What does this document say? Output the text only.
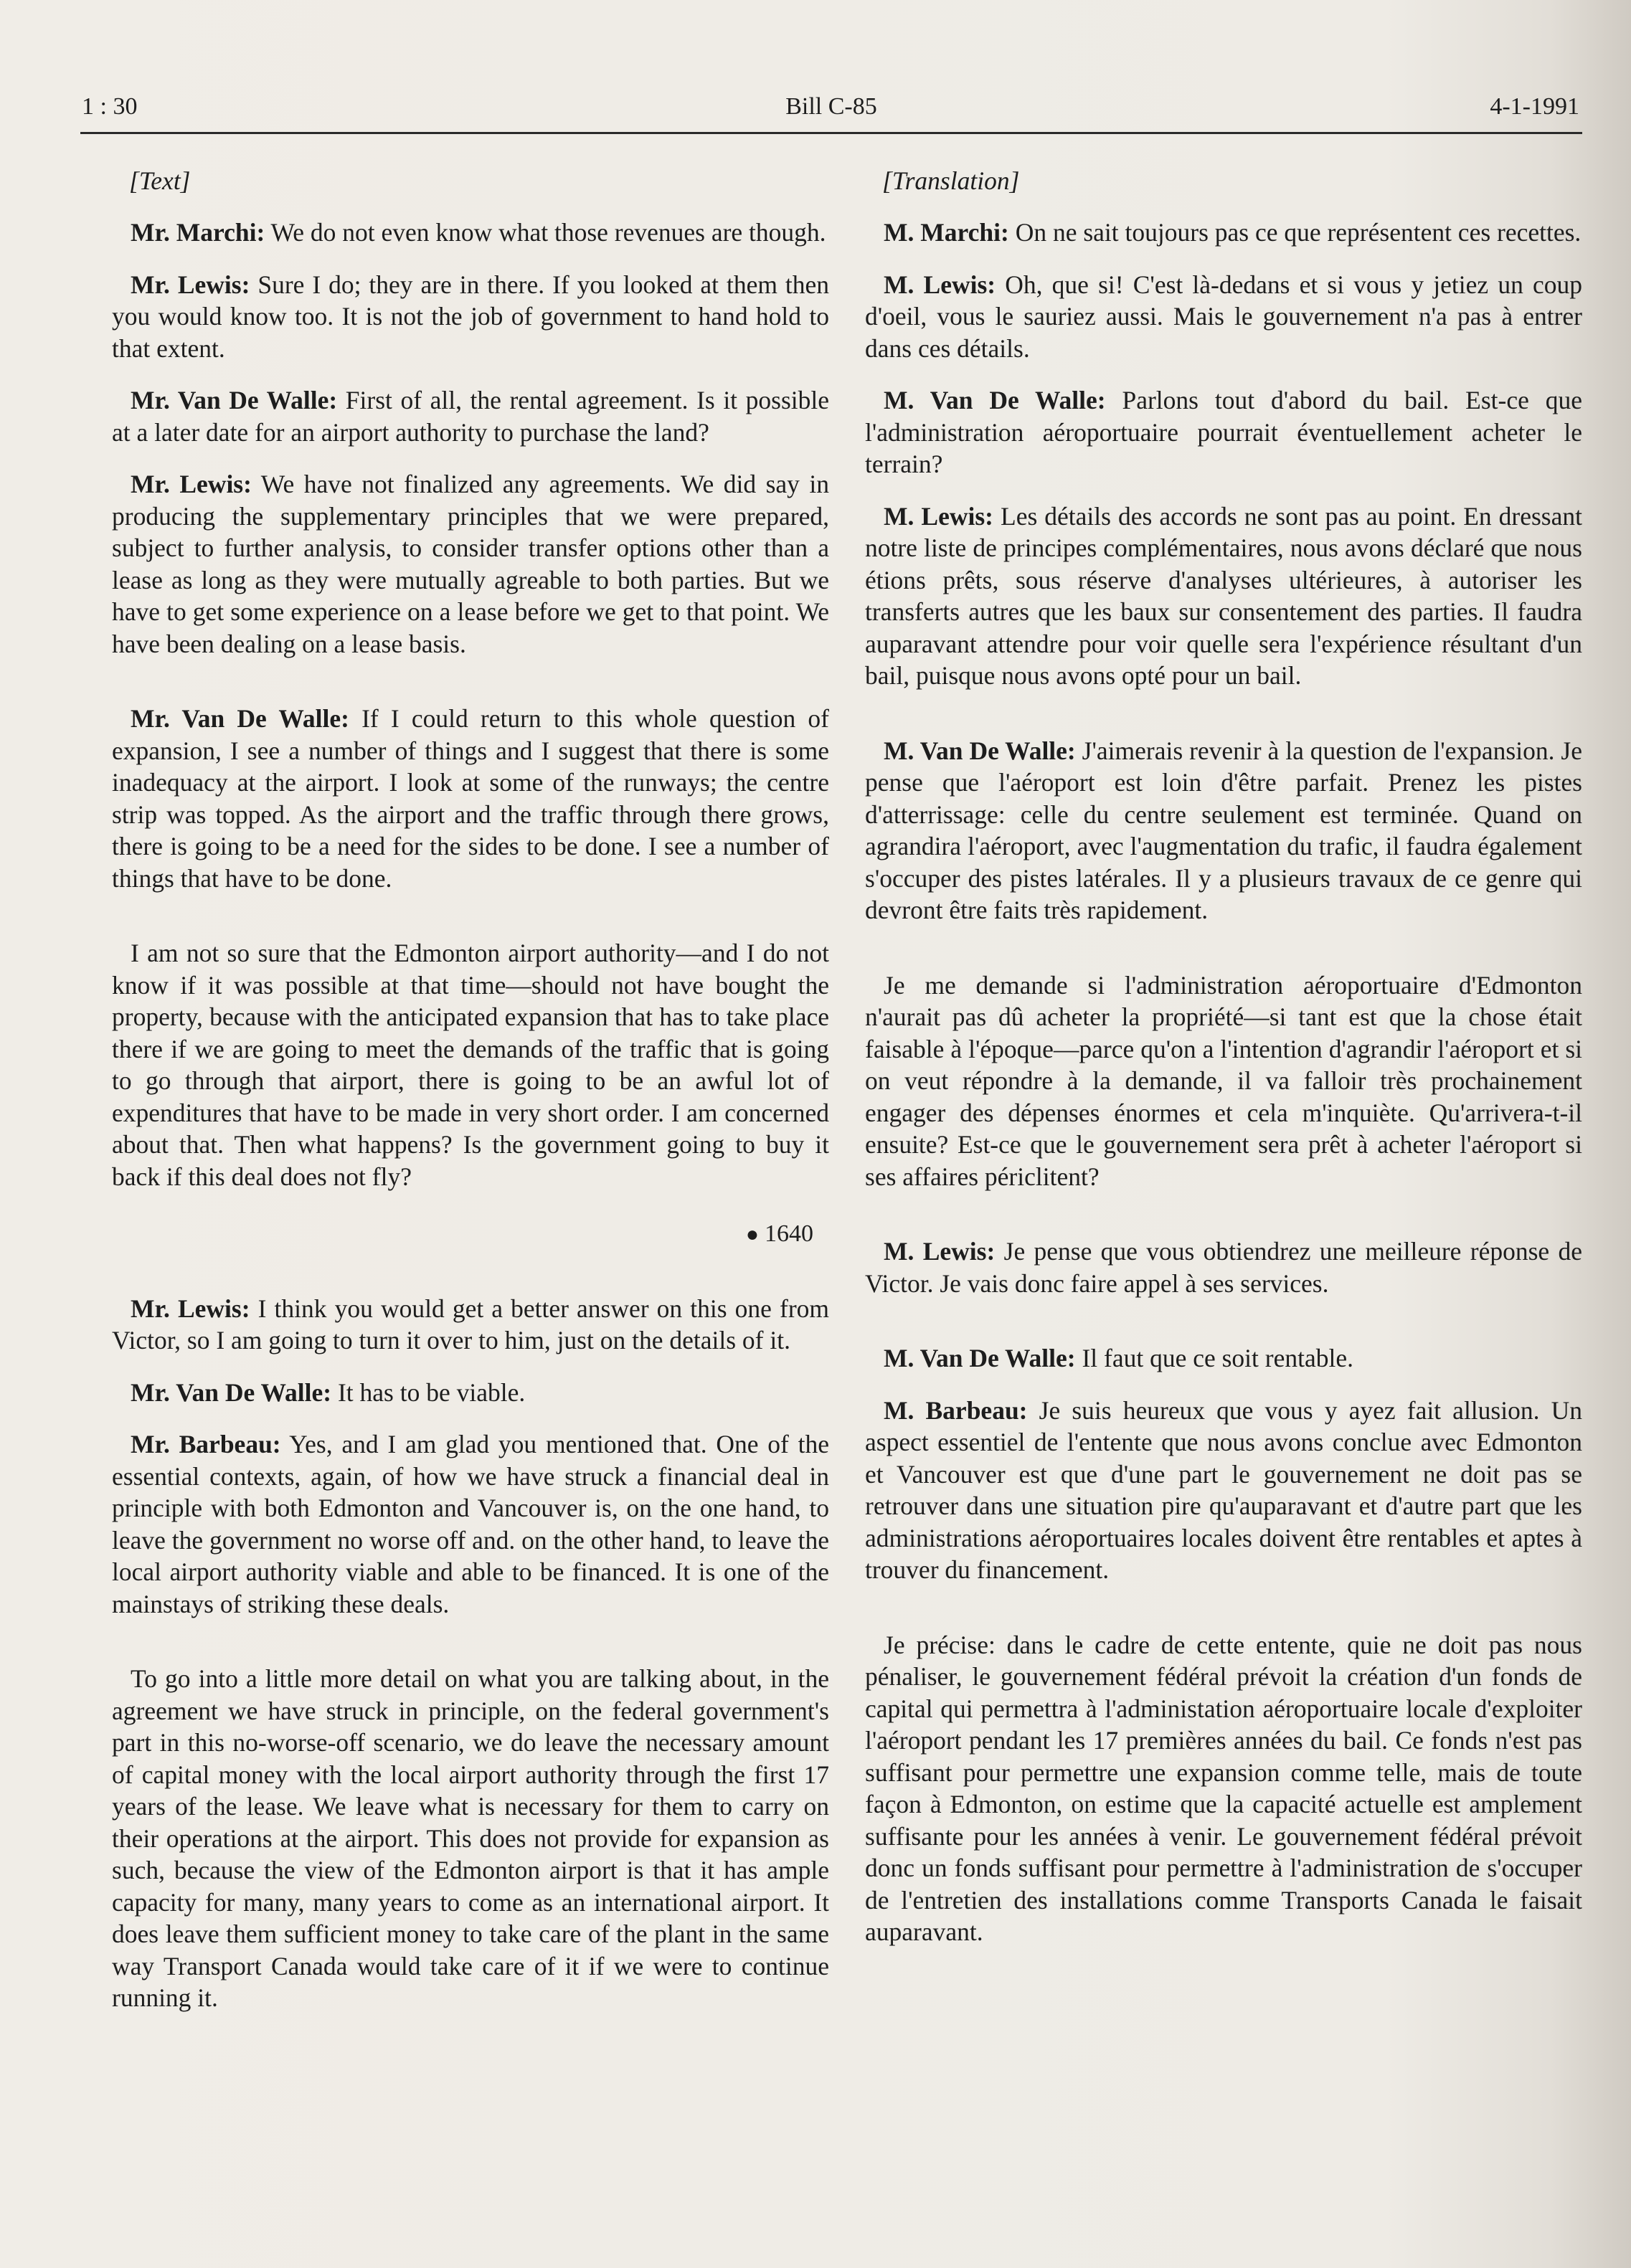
1 : 30	Bill C-85	4-1-1991
[Text]
Mr. Marchi: We do not even know what those revenues are though.
Mr. Lewis: Sure I do; they are in there. If you looked at them then you would know too. It is not the job of government to hand hold to that extent.
Mr. Van De Walle: First of all, the rental agreement. Is it possible at a later date for an airport authority to purchase the land?
Mr. Lewis: We have not finalized any agreements. We did say in producing the supplementary principles that we were prepared, subject to further analysis, to consider transfer options other than a lease as long as they were mutually agreable to both parties. But we have to get some experience on a lease before we get to that point. We have been dealing on a lease basis.
Mr. Van De Walle: If I could return to this whole question of expansion, I see a number of things and I suggest that there is some inadequacy at the airport. I look at some of the runways; the centre strip was topped. As the airport and the traffic through there grows, there is going to be a need for the sides to be done. I see a number of things that have to be done.
I am not so sure that the Edmonton airport authority—and I do not know if it was possible at that time—should not have bought the property, because with the anticipated expansion that has to take place there if we are going to meet the demands of the traffic that is going to go through that airport, there is going to be an awful lot of expenditures that have to be made in very short order. I am concerned about that. Then what happens? Is the government going to buy it back if this deal does not fly?
● 1640
Mr. Lewis: I think you would get a better answer on this one from Victor, so I am going to turn it over to him, just on the details of it.
Mr. Van De Walle: It has to be viable.
Mr. Barbeau: Yes, and I am glad you mentioned that. One of the essential contexts, again, of how we have struck a financial deal in principle with both Edmonton and Vancouver is, on the one hand, to leave the government no worse off and. on the other hand, to leave the local airport authority viable and able to be financed. It is one of the mainstays of striking these deals.
To go into a little more detail on what you are talking about, in the agreement we have struck in principle, on the federal government's part in this no-worse-off scenario, we do leave the necessary amount of capital money with the local airport authority through the first 17 years of the lease. We leave what is necessary for them to carry on their operations at the airport. This does not provide for expansion as such, because the view of the Edmonton airport is that it has ample capacity for many, many years to come as an international airport. It does leave them sufficient money to take care of the plant in the same way Transport Canada would take care of it if we were to continue running it.
[Translation]
M. Marchi: On ne sait toujours pas ce que représentent ces recettes.
M. Lewis: Oh, que si! C'est là-dedans et si vous y jetiez un coup d'oeil, vous le sauriez aussi. Mais le gouvernement n'a pas à entrer dans ces détails.
M. Van De Walle: Parlons tout d'abord du bail. Est-ce que l'administration aéroportuaire pourrait éventuellement acheter le terrain?
M. Lewis: Les détails des accords ne sont pas au point. En dressant notre liste de principes complémentaires, nous avons déclaré que nous étions prêts, sous réserve d'analyses ultérieures, à autoriser les transferts autres que les baux sur consentement des parties. Il faudra auparavant attendre pour voir quelle sera l'expérience résultant d'un bail, puisque nous avons opté pour un bail.
M. Van De Walle: J'aimerais revenir à la question de l'expansion. Je pense que l'aéroport est loin d'être parfait. Prenez les pistes d'atterrissage: celle du centre seulement est terminée. Quand on agrandira l'aéroport, avec l'augmentation du trafic, il faudra également s'occuper des pistes latérales. Il y a plusieurs travaux de ce genre qui devront être faits très rapidement.
Je me demande si l'administration aéroportuaire d'Edmonton n'aurait pas dû acheter la propriété—si tant est que la chose était faisable à l'époque—parce qu'on a l'intention d'agrandir l'aéroport et si on veut répondre à la demande, il va falloir très prochainement engager des dépenses énormes et cela m'inquiète. Qu'arrivera-t-il ensuite? Est-ce que le gouvernement sera prêt à acheter l'aéroport si ses affaires périclitent?
M. Lewis: Je pense que vous obtiendrez une meilleure réponse de Victor. Je vais donc faire appel à ses services.
M. Van De Walle: Il faut que ce soit rentable.
M. Barbeau: Je suis heureux que vous y ayez fait allusion. Un aspect essentiel de l'entente que nous avons conclue avec Edmonton et Vancouver est que d'une part le gouvernement ne doit pas se retrouver dans une situation pire qu'auparavant et d'autre part que les administrations aéroportuaires locales doivent être rentables et aptes à trouver du financement.
Je précise: dans le cadre de cette entente, quie ne doit pas nous pénaliser, le gouvernement fédéral prévoit la création d'un fonds de capital qui permettra à l'administation aéroportuaire locale d'exploiter l'aéroport pendant les 17 premières années du bail. Ce fonds n'est pas suffisant pour permettre une expansion comme telle, mais de toute façon à Edmonton, on estime que la capacité actuelle est amplement suffisante pour les années à venir. Le gouvernement fédéral prévoit donc un fonds suffisant pour permettre à l'administration de s'occuper de l'entretien des installations comme Transports Canada le faisait auparavant.
